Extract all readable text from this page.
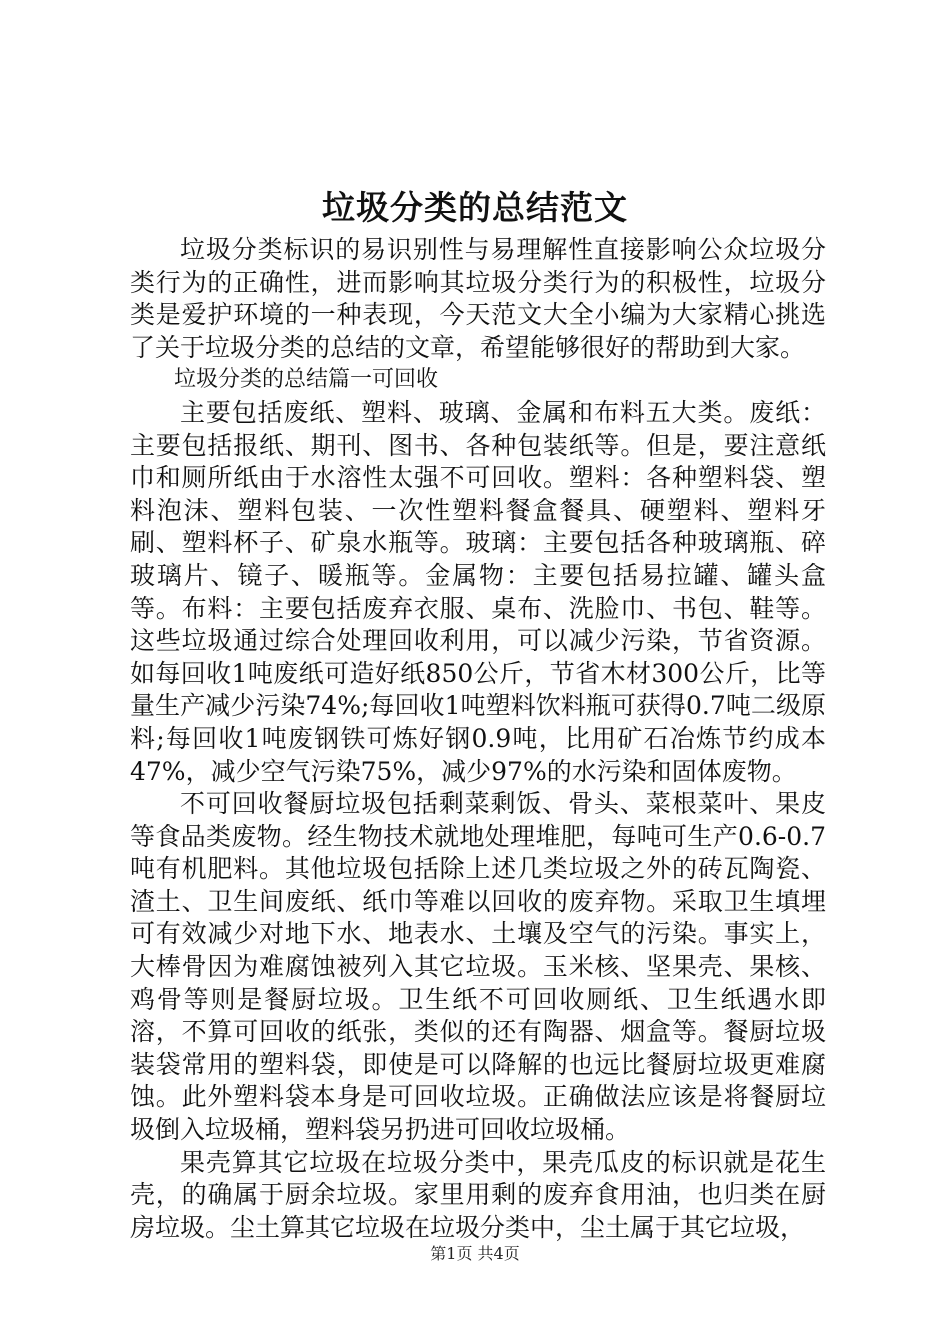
垃圾分类的总结范文

垃圾分类标识的易识别性与易理解性直接影响公众垃圾分类行为的正确性，进而影响其垃圾分类行为的积极性，垃圾分类是爱护环境的一种表现，今天范文大全小编为大家精心挑选了关于垃圾分类的总结的文章，希望能够很好的帮助到大家。

垃圾分类的总结篇一可回收

主要包括废纸、塑料、玻璃、金属和布料五大类。废纸：主要包括报纸、期刊、图书、各种包装纸等。但是，要注意纸巾和厕所纸由于水溶性太强不可回收。塑料：各种塑料袋、塑料泡沫、塑料包装、一次性塑料餐盒餐具、硬塑料、塑料牙刷、塑料杯子、矿泉水瓶等。玻璃：主要包括各种玻璃瓶、碎玻璃片、镜子、暖瓶等。金属物：主要包括易拉罐、罐头盒等。布料：主要包括废弃衣服、桌布、洗脸巾、书包、鞋等。这些垃圾通过综合处理回收利用，可以减少污染，节省资源。如每回收1吨废纸可造好纸850公斤，节省木材300公斤，比等量生产减少污染74%;每回收1吨塑料饮料瓶可获得0.7吨二级原料;每回收1吨废钢铁可炼好钢0.9吨，比用矿石冶炼节约成本47%，减少空气污染75%，减少97%的水污染和固体废物。

不可回收餐厨垃圾包括剩菜剩饭、骨头、菜根菜叶、果皮等食品类废物。经生物技术就地处理堆肥，每吨可生产0.6-0.7吨有机肥料。其他垃圾包括除上述几类垃圾之外的砖瓦陶瓷、渣土、卫生间废纸、纸巾等难以回收的废弃物。采取卫生填埋可有效减少对地下水、地表水、土壤及空气的污染。事实上，大棒骨因为难腐蚀被列入其它垃圾。玉米核、坚果壳、果核、鸡骨等则是餐厨垃圾。卫生纸不可回收厕纸、卫生纸遇水即溶，不算可回收的纸张，类似的还有陶器、烟盒等。餐厨垃圾装袋常用的塑料袋，即使是可以降解的也远比餐厨垃圾更难腐蚀。此外塑料袋本身是可回收垃圾。正确做法应该是将餐厨垃圾倒入垃圾桶，塑料袋另扔进可回收垃圾桶。

果壳算其它垃圾在垃圾分类中，果壳瓜皮的标识就是花生壳，的确属于厨余垃圾。家里用剩的废弃食用油，也归类在厨房垃圾。尘土算其它垃圾在垃圾分类中，尘土属于其它垃圾，

第1页 共4页
